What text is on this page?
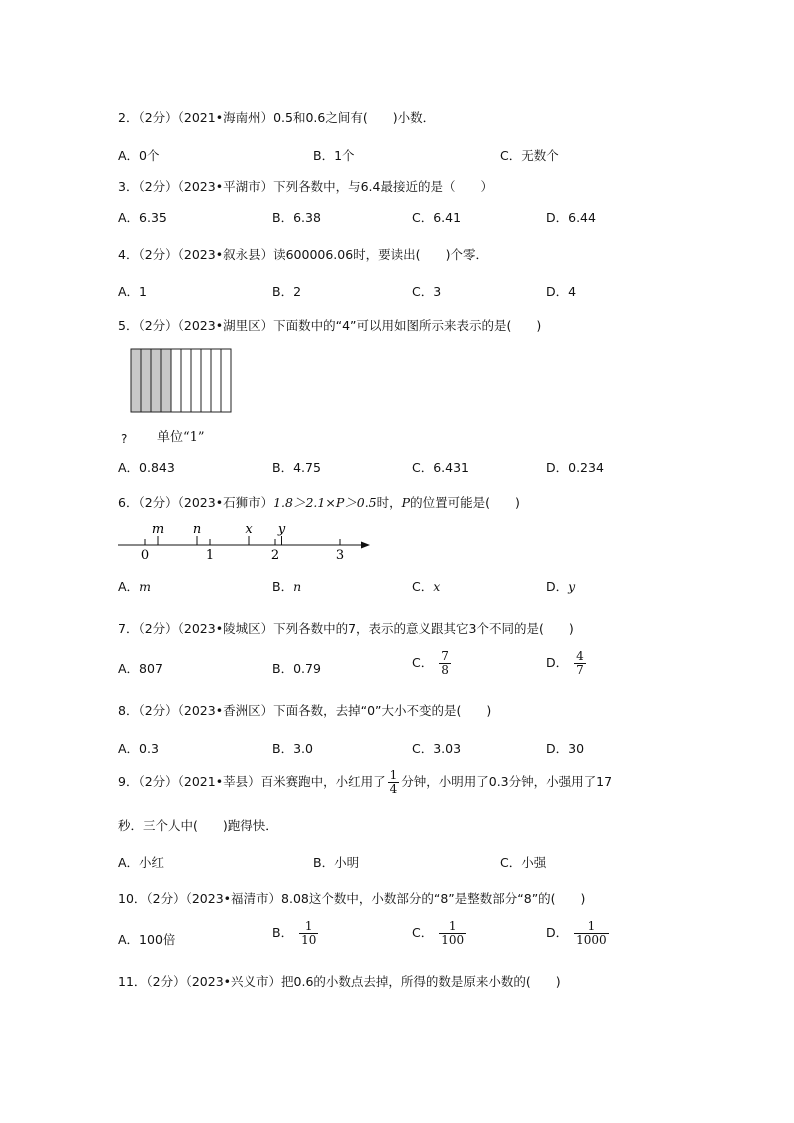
2．（2分）（2021•海南州）0.5和0.6之间有(　　)小数．
A．0个	B．1个	C．无数个
3．（2分）（2023•平湖市）下列各数中，与6.4最接近的是（　　）
A．6.35	B．6.38	C．6.41	D．6.44
4．（2分）（2023•叙永县）读600006.06时，要读出(　　)个零．
A．1	B．2	C．3	D．4
5．（2分）（2023•湖里区）下面数中的“4”可以用如图所示来表示的是(　　)
? 单位“1”
A．0.843	B．4.75	C．6.431	D．0.234
6．（2分）（2023•石狮市）1.8＞2.1×P＞0.5时，P的位置可能是(　　)
0	1	2	3
m n	x y
A．m	B．n	C．x	D．y
7．（2分）（2023•陵城区）下列各数中的7，表示的意义跟其它3个不同的是(　　)
A．807	B．0.79	C． $\frac{7}{8}$	D． $\frac{4}{7}$
8．（2分）（2023•香洲区）下面各数，去掉“0”大小不变的是(　　)
A．0.3	B．3.0	C．3.03	D．30
9．（2分）（2021•莘县）百米赛跑中，小红用了 $\frac{1}{4}$ 分钟，小明用了0.3分钟，小强用了17
秒．三个人中(　　)跑得快．
A．小红	B．小明	C．小强
10．（2分）（2023•福清市）8.08这个数中，小数部分的“8”是整数部分“8”的(　　)
A．100倍	B． $\frac{1}{10}$	C． $\frac{1}{100}$	D． $\frac{1}{1000}$
11．（2分）（2023•兴义市）把0.6的小数点去掉，所得的数是原来小数的(　　)
